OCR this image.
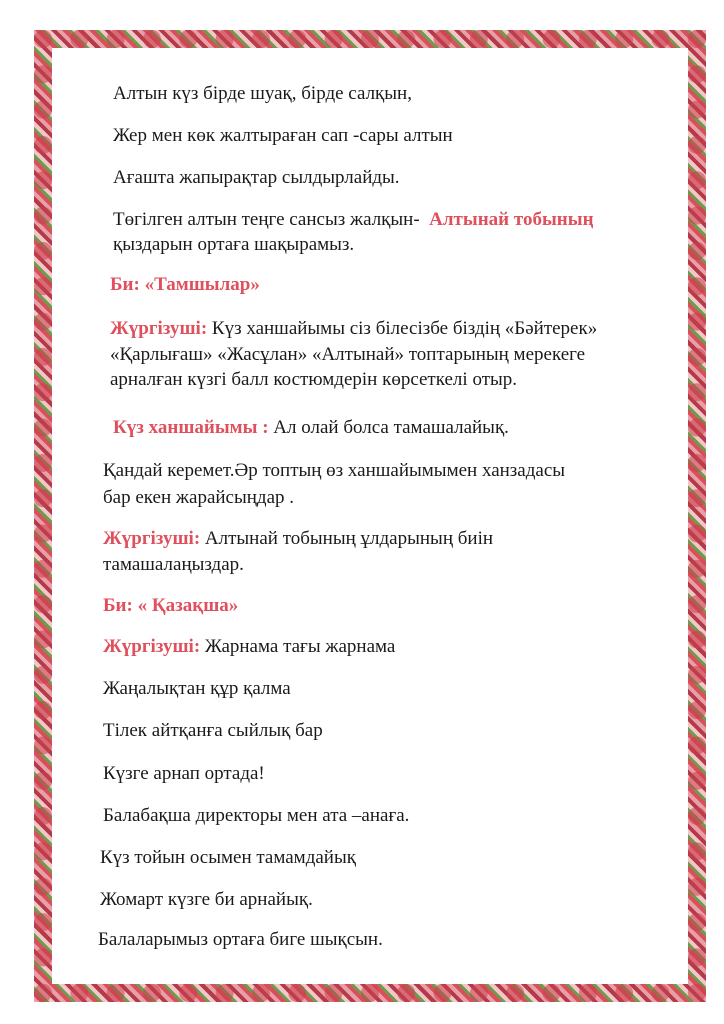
Алтын күз бірде шуақ, бірде салқын,
Жер мен көк жалтыраған сап -сары алтын
Ағашта жапырақтар сылдырлайды.
Төгілген алтын теңге сансыз жалқын- Алтынай тобының
қыздарын ортаға шақырамыз.
Би: «Тамшылар»
Жүргізуші: Күз ханшайымы сіз білесізбе біздің «Бәйтерек»
«Қарлығаш» «Жасұлан» «Алтынай» топтарының мерекеге
арналған күзгі балл костюмдерін көрсеткелі отыр.
Күз ханшайымы : Ал олай болса тамашалайық.
Қандай керемет.Әр топтың өз ханшайымымен ханзадасы
бар екен жарайсыңдар .
Жүргізуші: Алтынай тобының ұлдарының биін
тамашалаңыздар.
Би: « Қазақша»
Жүргізуші: Жарнама тағы жарнама
Жаңалықтан құр қалма
Тілек айтқанға сыйлық бар
Күзге арнап ортада!
Балабақша директоры мен ата –анаға.
Күз тойын осымен тамамдайық
Жомарт күзге би арнайық.
Балаларымыз ортаға биге шықсын.
